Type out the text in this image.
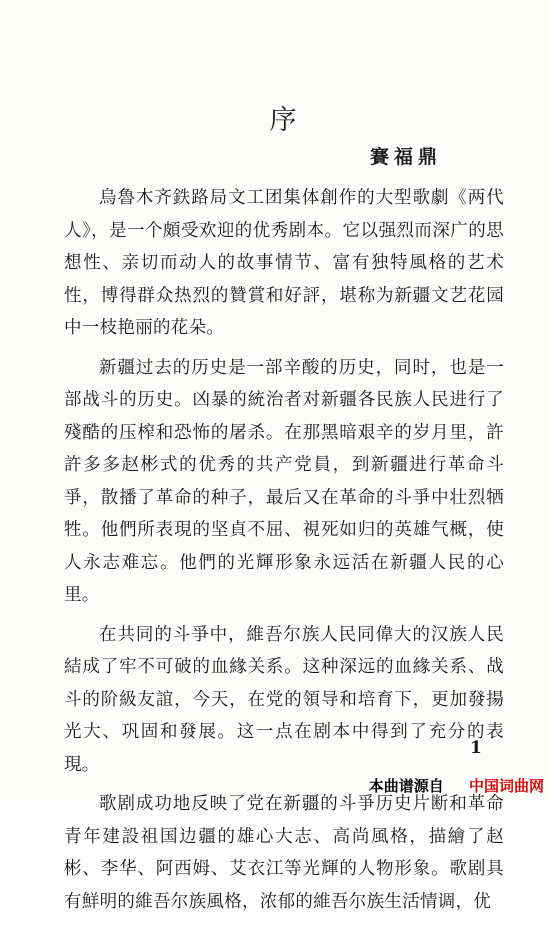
序

賽福鼎

烏魯木齐鉄路局文工团集体創作的大型歌劇《两代人》，是一个頗受欢迎的优秀剧本。它以强烈而深广的思想性、亲切而动人的故事情节、富有独特風格的艺术性，博得群众热烈的贊賞和好評，堪称为新疆文艺花园中一枝艳丽的花朵。

新疆过去的历史是一部辛酸的历史，同时，也是一部战斗的历史。凶暴的統治者对新疆各民族人民进行了殘酷的压榨和恐怖的屠杀。在那黑暗艰辛的岁月里，許許多多赵彬式的优秀的共产党員，到新疆进行革命斗爭，散播了革命的种子，最后又在革命的斗爭中壮烈牺牲。他們所表現的坚貞不屈、視死如归的英雄气概，使人永志难忘。他們的光輝形象永远活在新疆人民的心里。

在共同的斗爭中，維吾尔族人民同偉大的汉族人民結成了牢不可破的血緣关系。这种深远的血緣关系、战斗的阶級友誼，今天，在党的領导和培育下，更加發揚光大、巩固和發展。这一点在剧本中得到了充分的表現。

歌剧成功地反映了党在新疆的斗爭历史片断和革命青年建設祖国边疆的雄心大志、高尚風格，描繪了赵彬、李华、阿西姆、艾衣江等光輝的人物形象。歌剧具有鮮明的維吾尔族風格，浓郁的維吾尔族生活情调，优

1

本曲谱源自 中国词曲网
